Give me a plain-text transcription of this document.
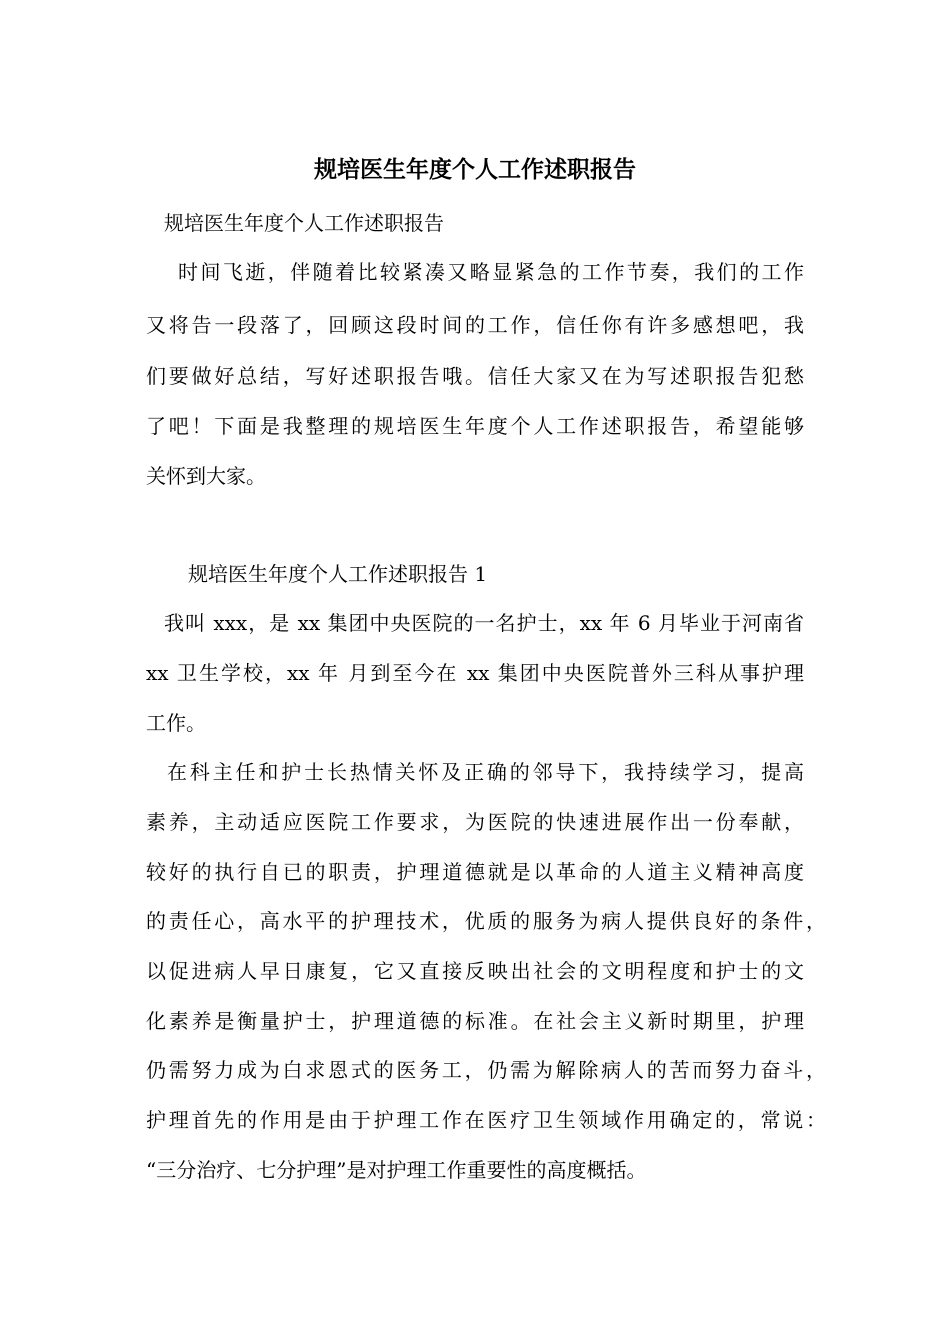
规培医生年度个人工作述职报告

规培医生年度个人工作述职报告

时间飞逝，伴随着比较紧凑又略显紧急的工作节奏，我们的工作

又将告一段落了，回顾这段时间的工作，信任你有许多感想吧，我

们要做好总结，写好述职报告哦。信任大家又在为写述职报告犯愁

了吧！下面是我整理的规培医生年度个人工作述职报告，希望能够

关怀到大家。

规培医生年度个人工作述职报告 1

我叫 xxx，是 xx 集团中央医院的一名护士，xx 年 6 月毕业于河南省

xx 卫生学校，xx 年 月到至今在 xx 集团中央医院普外三科从事护理

工作。

在科主任和护士长热情关怀及正确的邻导下，我持续学习，提高

素养，主动适应医院工作要求，为医院的快速进展作出一份奉献，

较好的执行自已的职责，护理道德就是以革命的人道主义精神高度

的责任心，高水平的护理技术，优质的服务为病人提供良好的条件，

以促进病人早日康复，它又直接反映出社会的文明程度和护士的文

化素养是衡量护士，护理道德的标准。在社会主义新时期里，护理

仍需努力成为白求恩式的医务工，仍需为解除病人的苦而努力奋斗，

护理首先的作用是由于护理工作在医疗卫生领域作用确定的，常说：

“三分治疗、七分护理”是对护理工作重要性的高度概括。
